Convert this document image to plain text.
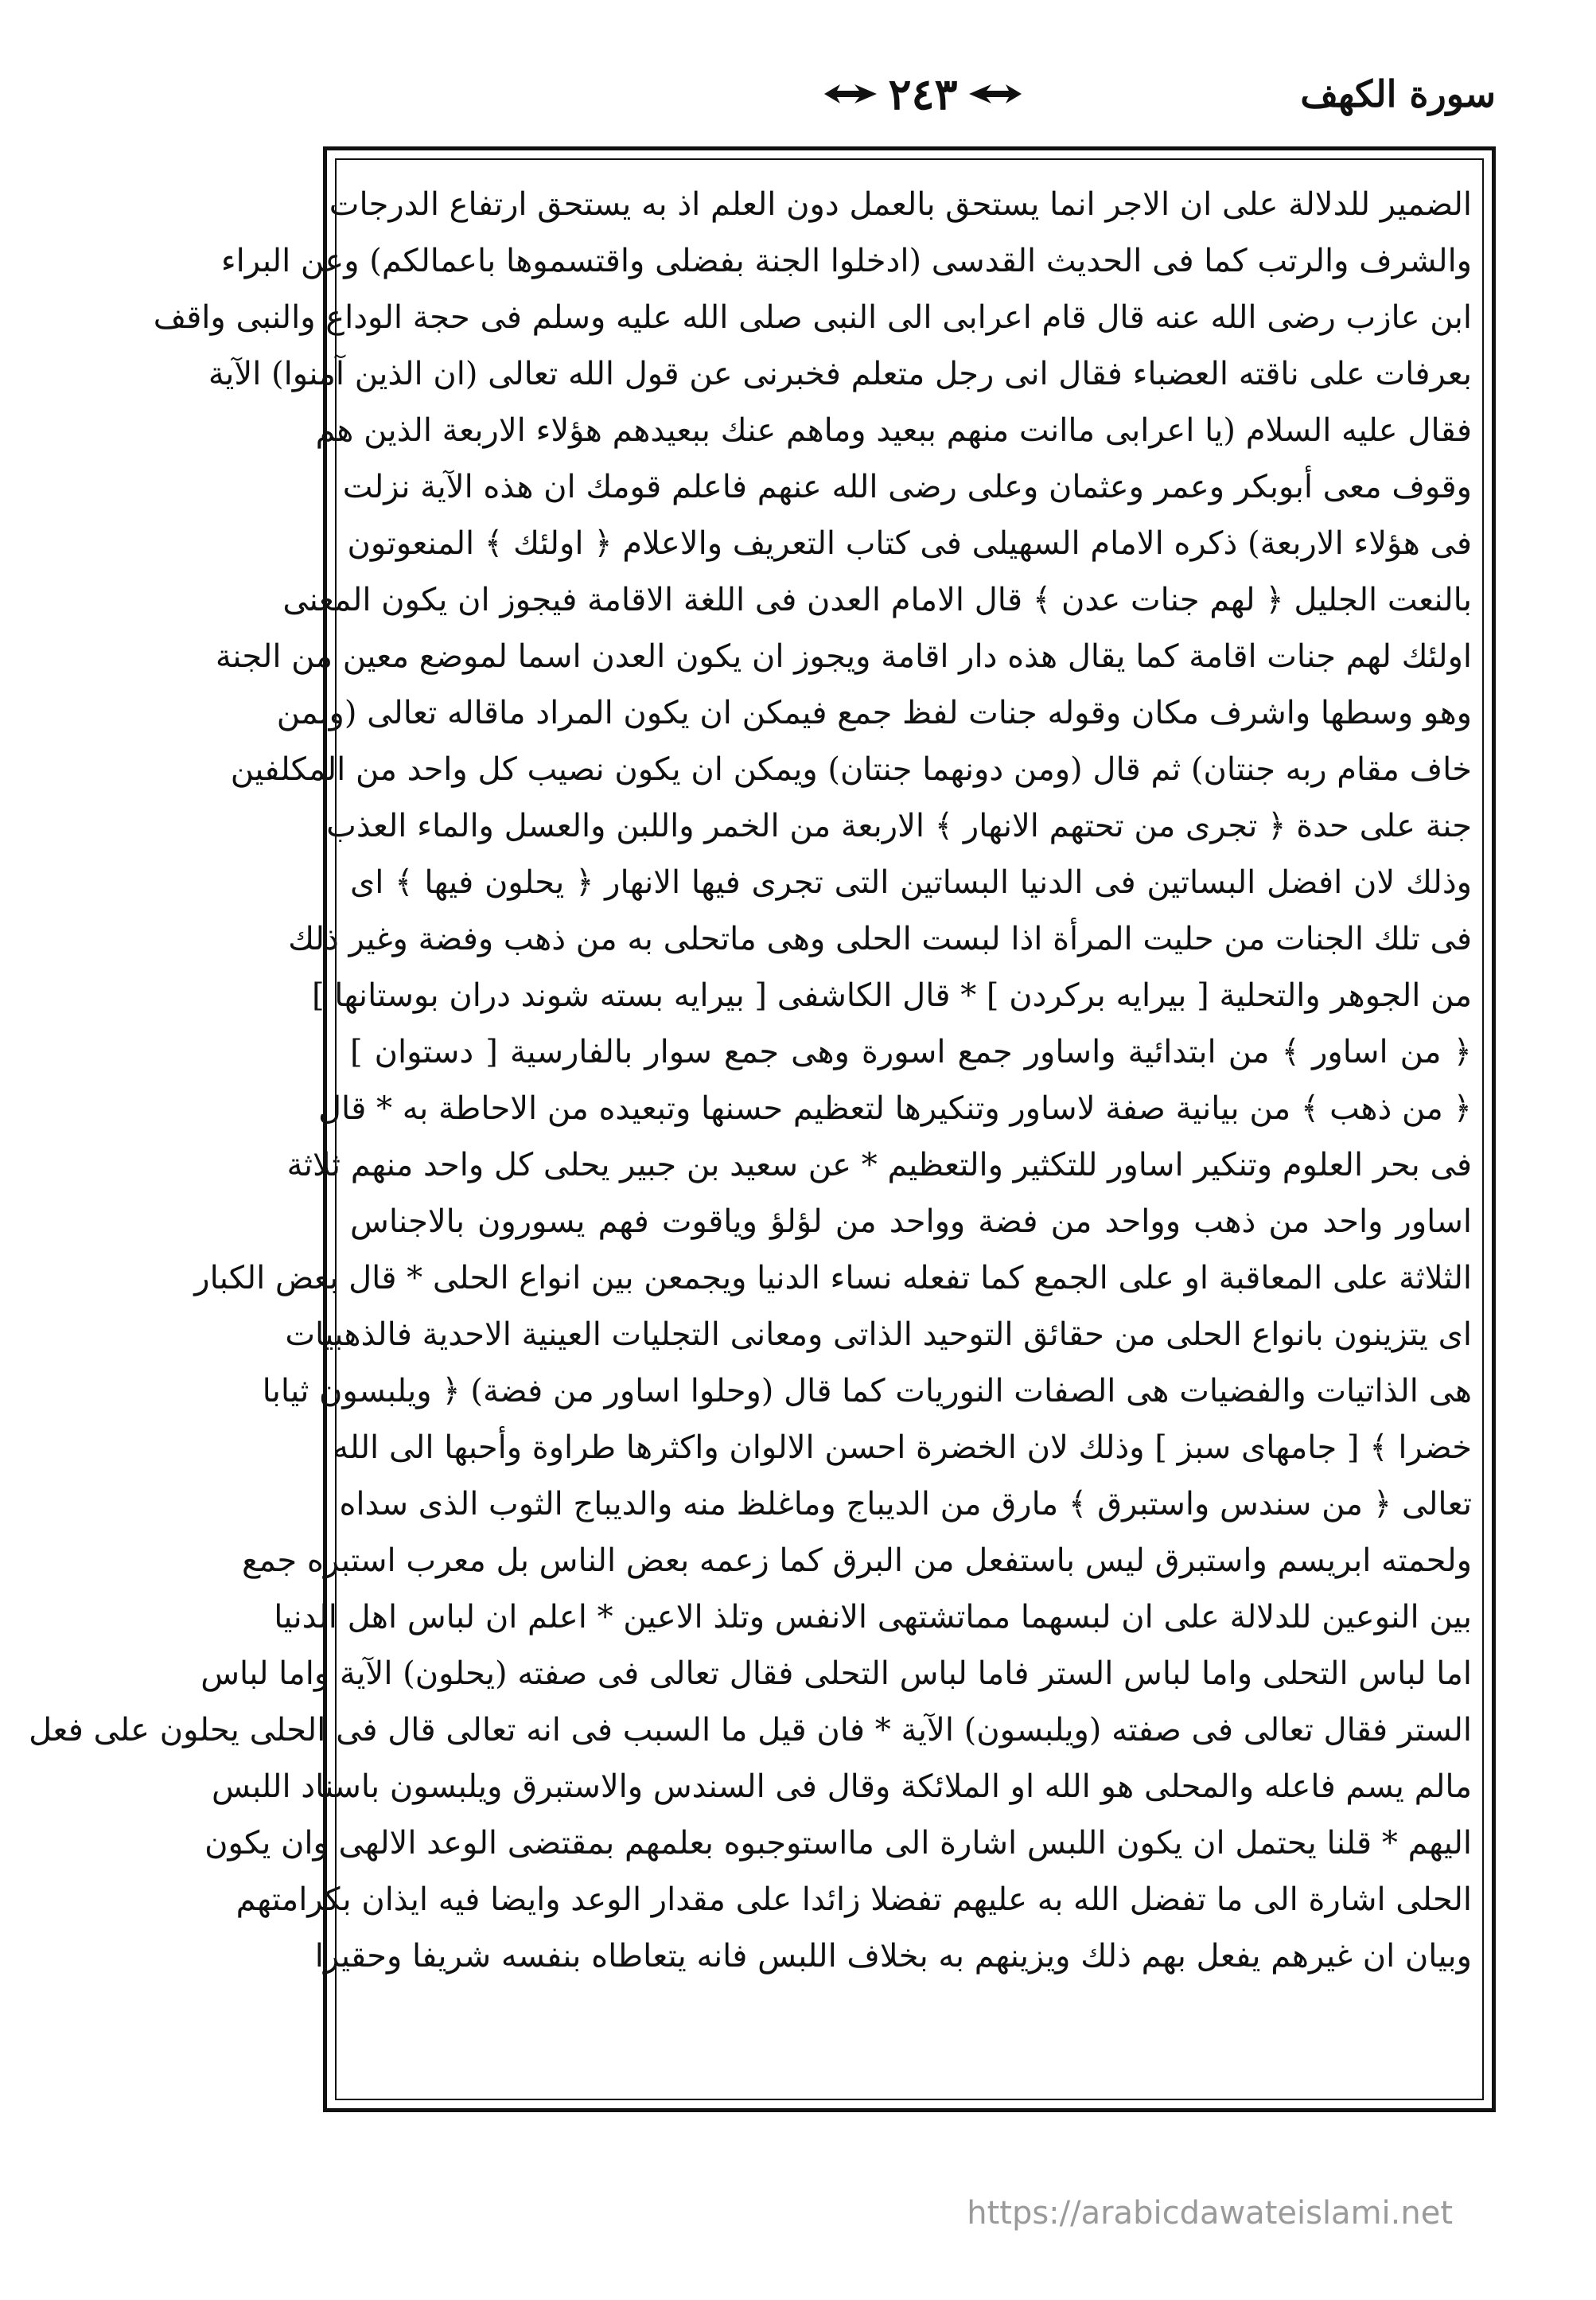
سورة الكهف
٢٤٣
الضمير للدلالة على ان الاجر انما يستحق بالعمل دون العلم اذ به يستحق ارتفاع الدرجات
والشرف والرتب كما فى الحديث القدسى (ادخلوا الجنة بفضلى واقتسموها باعمالكم) وعن البراء
ابن عازب رضى الله عنه قال قام اعرابى الى النبى صلى الله عليه وسلم فى حجة الوداع والنبى واقف
بعرفات على ناقته العضباء فقال انى رجل متعلم فخبرنى عن قول الله تعالى (ان الذين آمنوا) الآية
فقال عليه السلام (يا اعرابى ماانت منهم ببعيد وماهم عنك ببعيدهم هؤلاء الاربعة الذين هم
وقوف معى أبوبكر وعمر وعثمان وعلى رضى الله عنهم فاعلم قومك ان هذه الآية نزلت
فى هؤلاء الاربعة) ذكره الامام السهيلى فى كتاب التعريف والاعلام ﴿ اولئك ﴾ المنعوتون
بالنعت الجليل ﴿ لهم جنات عدن ﴾ قال الامام العدن فى اللغة الاقامة فيجوز ان يكون المعنى
اولئك لهم جنات اقامة كما يقال هذه دار اقامة ويجوز ان يكون العدن اسما لموضع معين من الجنة
وهو وسطها واشرف مكان وقوله جنات لفظ جمع فيمكن ان يكون المراد ماقاله تعالى (ولمن
خاف مقام ربه جنتان) ثم قال (ومن دونهما جنتان) ويمكن ان يكون نصيب كل واحد من المكلفين
جنة على حدة ﴿ تجرى من تحتهم الانهار ﴾ الاربعة من الخمر واللبن والعسل والماء العذب
وذلك لان افضل البساتين فى الدنيا البساتين التى تجرى فيها الانهار ﴿ يحلون فيها ﴾ اى
فى تلك الجنات من حليت المرأة اذا لبست الحلى وهى ماتحلى به من ذهب وفضة وغير ذلك
من الجوهر والتحلية [ بيرايه بركردن ] * قال الكاشفى [ بيرايه بسته شوند دران بوستانها ]
﴿ من اساور ﴾ من ابتدائية واساور جمع اسورة وهى جمع سوار بالفارسية [ دستوان ]
﴿ من ذهب ﴾ من بيانية صفة لاساور وتنكيرها لتعظيم حسنها وتبعيده من الاحاطة به * قال
فى بحر العلوم وتنكير اساور للتكثير والتعظيم * عن سعيد بن جبير يحلى كل واحد منهم ثلاثة
اساور واحد من ذهب وواحد من فضة وواحد من لؤلؤ وياقوت فهم يسورون بالاجناس
الثلاثة على المعاقبة او على الجمع كما تفعله نساء الدنيا ويجمعن بين انواع الحلى * قال بعض الكبار
اى يتزينون بانواع الحلى من حقائق التوحيد الذاتى ومعانى التجليات العينية الاحدية فالذهبيات
هى الذاتيات والفضيات هى الصفات النوريات كما قال (وحلوا اساور من فضة) ﴿ ويلبسون ثيابا
خضرا ﴾ [ جامهاى سبز ] وذلك لان الخضرة احسن الالوان واكثرها طراوة وأحبها الى الله
تعالى ﴿ من سندس واستبرق ﴾ مارق من الديباج وماغلظ منه والديباج الثوب الذى سداه
ولحمته ابريسم واستبرق ليس باستفعل من البرق كما زعمه بعض الناس بل معرب استبره جمع
بين النوعين للدلالة على ان لبسهما مماتشتهى الانفس وتلذ الاعين * اعلم ان لباس اهل الدنيا
اما لباس التحلى واما لباس الستر فاما لباس التحلى فقال تعالى فى صفته (يحلون) الآية واما لباس
الستر فقال تعالى فى صفته (ويلبسون) الآية * فان قيل ما السبب فى انه تعالى قال فى الحلى يحلون على فعل
مالم يسم فاعله والمحلى هو الله او الملائكة وقال فى السندس والاستبرق ويلبسون باسناد اللبس
اليهم * قلنا يحتمل ان يكون اللبس اشارة الى مااستوجبوه بعلمهم بمقتضى الوعد الالهى وان يكون
الحلى اشارة الى ما تفضل الله به عليهم تفضلا زائدا على مقدار الوعد وايضا فيه ايذان بكرامتهم
وبيان ان غيرهم يفعل بهم ذلك ويزينهم به بخلاف اللبس فانه يتعاطاه بنفسه شريفا وحقيرا
https://arabicdawateislami.net
